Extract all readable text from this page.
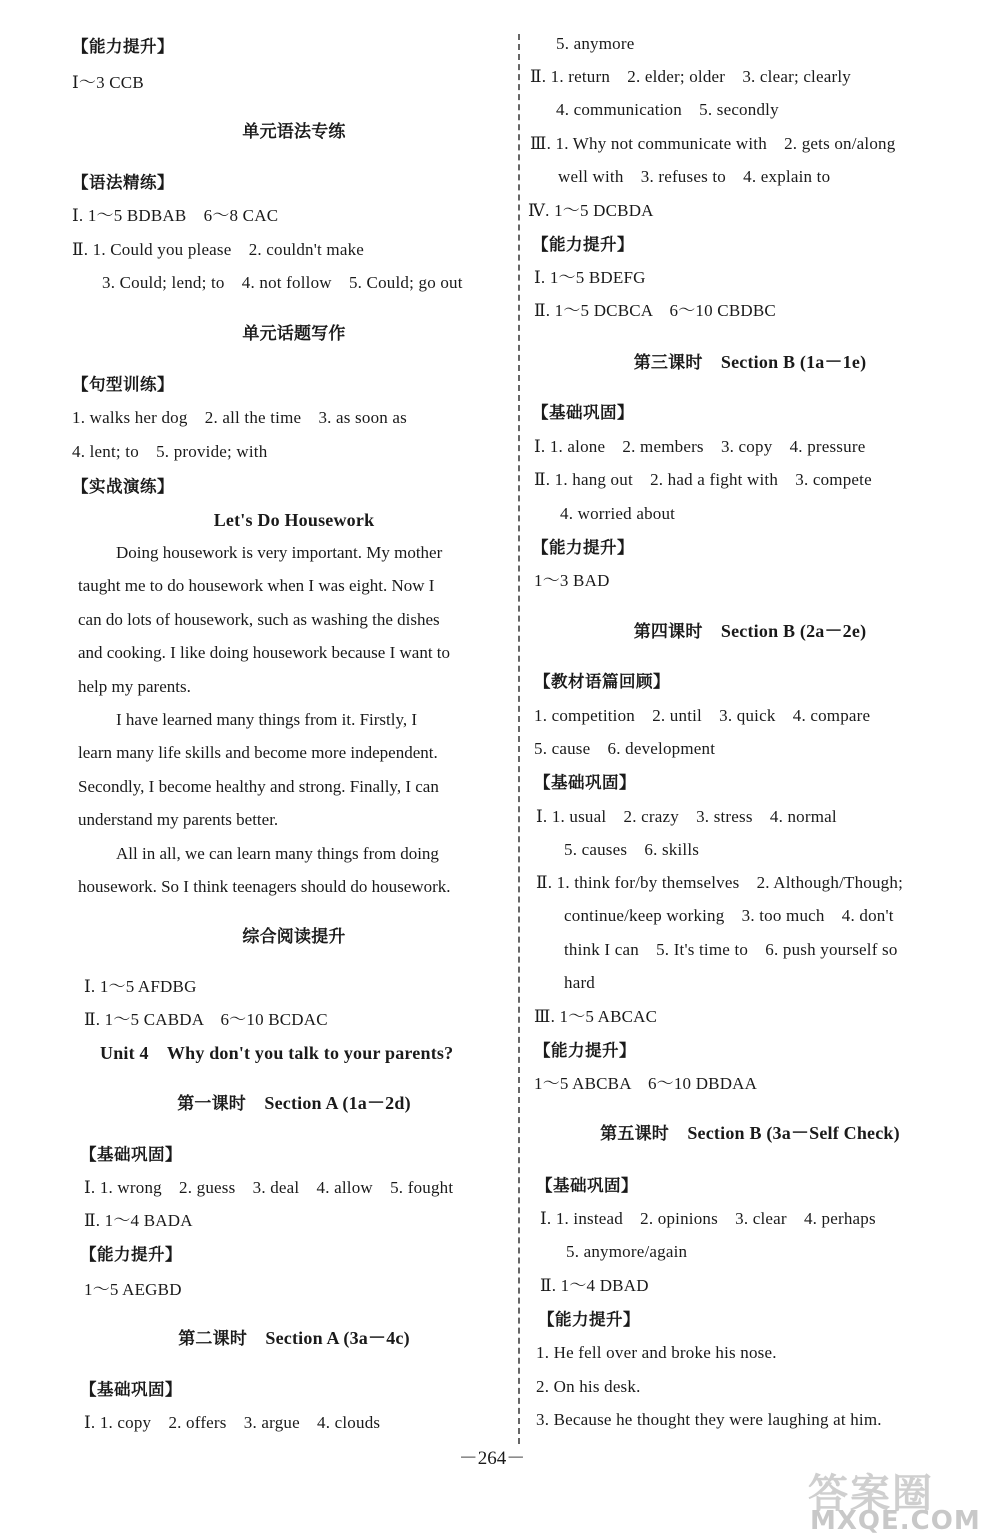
【能力提升】
Ⅰ～3 CCB
单元语法专练
【语法精练】
Ⅰ. 1～5 BDBAB　6～8 CAC
Ⅱ. 1. Could you please　2. couldn't make
3. Could; lend; to　4. not follow　5. Could; go out
单元话题写作
【句型训练】
1. walks her dog　2. all the time　3. as soon as
4. lent; to　5. provide; with
【实战演练】
Let's Do Housework
Doing housework is very important. My mother
taught me to do housework when I was eight. Now I
can do lots of housework, such as washing the dishes
and cooking. I like doing housework because I want to
help my parents.
I have learned many things from it. Firstly, I
learn many life skills and become more independent.
Secondly, I become healthy and strong. Finally, I can
understand my parents better.
All in all, we can learn many things from doing
housework. So I think teenagers should do housework.
综合阅读提升
Ⅰ. 1～5 AFDBG
Ⅱ. 1～5 CABDA　6～10 BCDAC
Unit 4　Why don't you talk to your parents?
第一课时 Section A (1a－2d)
【基础巩固】
Ⅰ. 1. wrong　2. guess　3. deal　4. allow　5. fought
Ⅱ. 1～4 BADA
【能力提升】
1～5 AEGBD
第二课时 Section A (3a－4c)
【基础巩固】
Ⅰ. 1. copy　2. offers　3. argue　4. clouds
5. anymore
Ⅱ. 1. return　2. elder; older　3. clear; clearly
4. communication　5. secondly
Ⅲ. 1. Why not communicate with　2. gets on/along
well with　3. refuses to　4. explain to
Ⅳ. 1～5 DCBDA
【能力提升】
Ⅰ. 1～5 BDEFG
Ⅱ. 1～5 DCBCA　6～10 CBDBC
第三课时 Section B (1a－1e)
【基础巩固】
Ⅰ. 1. alone　2. members　3. copy　4. pressure
Ⅱ. 1. hang out　2. had a fight with　3. compete
4. worried about
【能力提升】
1～3 BAD
第四课时 Section B (2a－2e)
【教材语篇回顾】
1. competition　2. until　3. quick　4. compare
5. cause　6. development
【基础巩固】
Ⅰ. 1. usual　2. crazy　3. stress　4. normal
5. causes　6. skills
Ⅱ. 1. think for/by themselves　2. Although/Though;
continue/keep working　3. too much　4. don't
think I can　5. It's time to　6. push yourself so
hard
Ⅲ. 1～5 ABCAC
【能力提升】
1～5 ABCBA　6～10 DBDAA
第五课时 Section B (3a－Self Check)
【基础巩固】
Ⅰ. 1. instead　2. opinions　3. clear　4. perhaps
5. anymore/again
Ⅱ. 1～4 DBAD
【能力提升】
1. He fell over and broke his nose.
2. On his desk.
3. Because he thought they were laughing at him.
－264－
答案圈
MXQE.COM
